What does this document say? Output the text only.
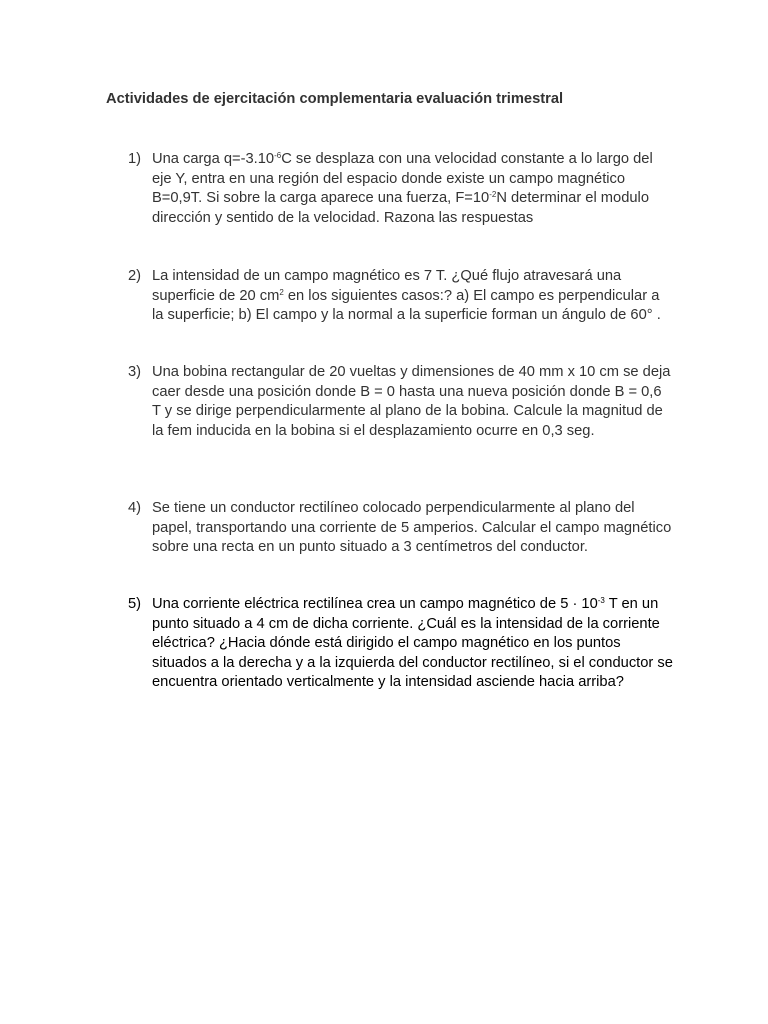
Actividades de ejercitación complementaria evaluación trimestral
1) Una carga $q=-3.10^{-6}C$ se desplaza con una velocidad constante a lo largo del eje Y, entra en una región del espacio donde existe un campo magnético B=0,9T. Si sobre la carga aparece una fuerza, $F=10^{-2}N$ determinar el modulo dirección y sentido de la velocidad. Razona las respuestas
2) La intensidad de un campo magnético es 7 T. ¿Qué flujo atravesará una superficie de 20 $cm^2$ en los siguientes casos:? a) El campo es perpendicular a la superficie; b) El campo y la normal a la superficie forman un ángulo de 60° .
3) Una bobina rectangular de 20 vueltas y dimensiones de 40 mm x 10 cm se deja caer desde una posición donde B = 0 hasta una nueva posición donde B = 0,6 T y se dirige perpendicularmente al plano de la bobina. Calcule la magnitud de la fem inducida en la bobina si el desplazamiento ocurre en 0,3 seg.
4) Se tiene un conductor rectilíneo colocado perpendicularmente al plano del papel, transportando una corriente de 5 amperios. Calcular el campo magnético sobre una recta en un punto situado a 3 centímetros del conductor.
5) Una corriente eléctrica rectilínea crea un campo magnético de $5 \cdot 10^{-3}$ T en un punto situado a 4 cm de dicha corriente. ¿Cuál es la intensidad de la corriente eléctrica? ¿Hacia dónde está dirigido el campo magnético en los puntos situados a la derecha y a la izquierda del conductor rectilíneo, si el conductor se encuentra orientado verticalmente y la intensidad asciende hacia arriba?
